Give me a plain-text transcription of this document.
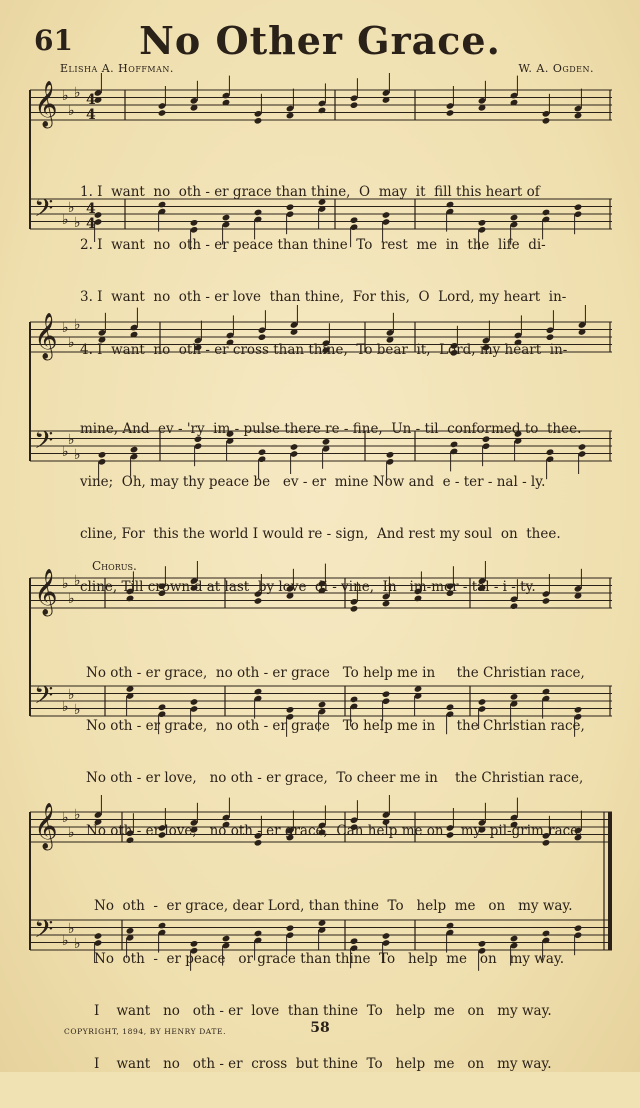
61	No Other Grace.
Elisha A. Hoffman.	W. A. Ogden.
𝄞 ♭
♭
♭
𝄢 ♭
♭
♭
𝄞 ♭
♭
♭
𝄢 ♭
♭
♭
𝄞 ♭
♭
♭
𝄢 ♭
♭
♭
𝄞 ♭
♭
♭
𝄢 ♭
♭
♭
4
4
4
4

1. I  want  no  oth - er grace than thine,  O  may  it  fill this heart of

2. I  want  no  oth - er peace than thine  To  rest  me  in  the  life  di-

3. I  want  no  oth - er love  than thine,  For this,  O  Lord, my heart  in-

4. I  want  no  oth - er cross than thine,  To bear  it,  Lord, my heart  in-

mine, And  ev - 'ry  im - pulse there re - fine,  Un - til  conformed to  thee.

vine;  Oh, may thy peace be   ev - er  mine Now and  e - ter - nal - ly.

cline, For  this the world I would re - sign,  And rest my soul  on  thee.

cline, Till crown'd at last  by love  di - vine,  In   im-mor - tal - i - ty.

Chorus.

No oth - er grace,  no oth - er grace   To help me in     the Christian race,

No oth - er grace,  no oth - er grace   To help me in     the Christian race,

No oth - er love,   no oth - er grace,  To cheer me in    the Christian race,

No oth - er love,   no oth - er grace,  Can help me on    my  pil-grim race,

No  oth  -  er grace, dear Lord, than thine  To   help  me   on   my way.

No  oth  -  er peace   or grace than thine  To   help  me   on   my way.

I    want   no   oth - er  love  than thine  To   help  me   on   my way.

I    want   no   oth - er  cross  but thine  To   help  me   on   my way.

COPYRIGHT, 1894, BY HENRY DATE.	58
